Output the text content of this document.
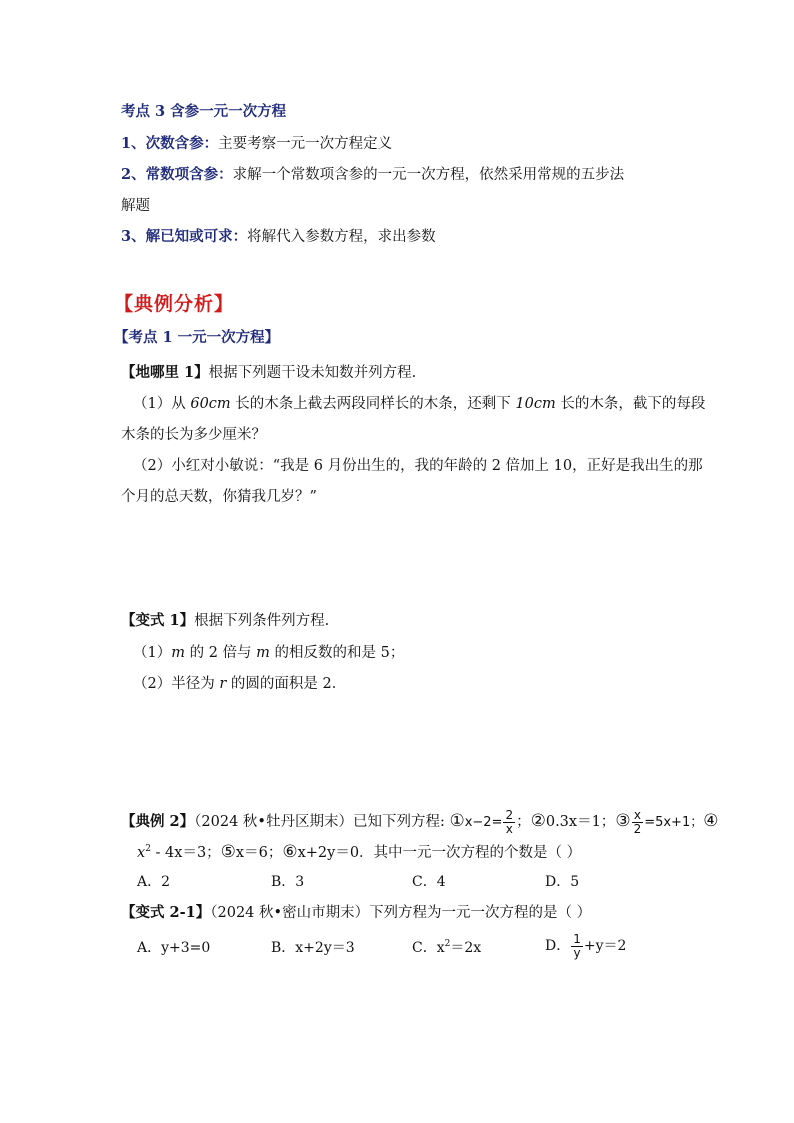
考点 3 含参一元一次方程
1、次数含参：主要考察一元一次方程定义
2、常数项含参：求解一个常数项含参的一元一次方程，依然采用常规的五步法
解题
3、解已知或可求：将解代入参数方程，求出参数
【典例分析】
【考点 1 一元一次方程】
【地哪里 1】根据下列题干设未知数并列方程.
（1）从 60cm 长的木条上截去两段同样长的木条，还剩下 10cm 长的木条，截下的每段
木条的长为多少厘米？
（2）小红对小敏说：“我是 6 月份出生的，我的年龄的 2 倍加上 10，正好是我出生的那
个月的总天数，你猜我几岁？”
【变式 1】根据下列条件列方程.
（1）m 的 2 倍与 m 的相反数的和是 5；
（2）半径为 r 的圆的面积是 2．
【典例 2】（2024 秋•牡丹区期末）已知下列方程: ①x−2= $\frac{2}{x}$ ；②0.3x＝1；③ $\frac{x}{2} =5x+1$；④
$x^2 - 4x=3$；⑤x＝6；⑥x+2y＝0．其中一元一次方程的个数是（ ）
A．2	B．3	C．4	D．5
【变式 2-1】（2024 秋•密山市期末）下列方程为一元一次方程的是（ ）
A．y+3=0	B．x+2y＝3	C．$x^2=2x$	D． $\frac{1}{y} +y=2$
